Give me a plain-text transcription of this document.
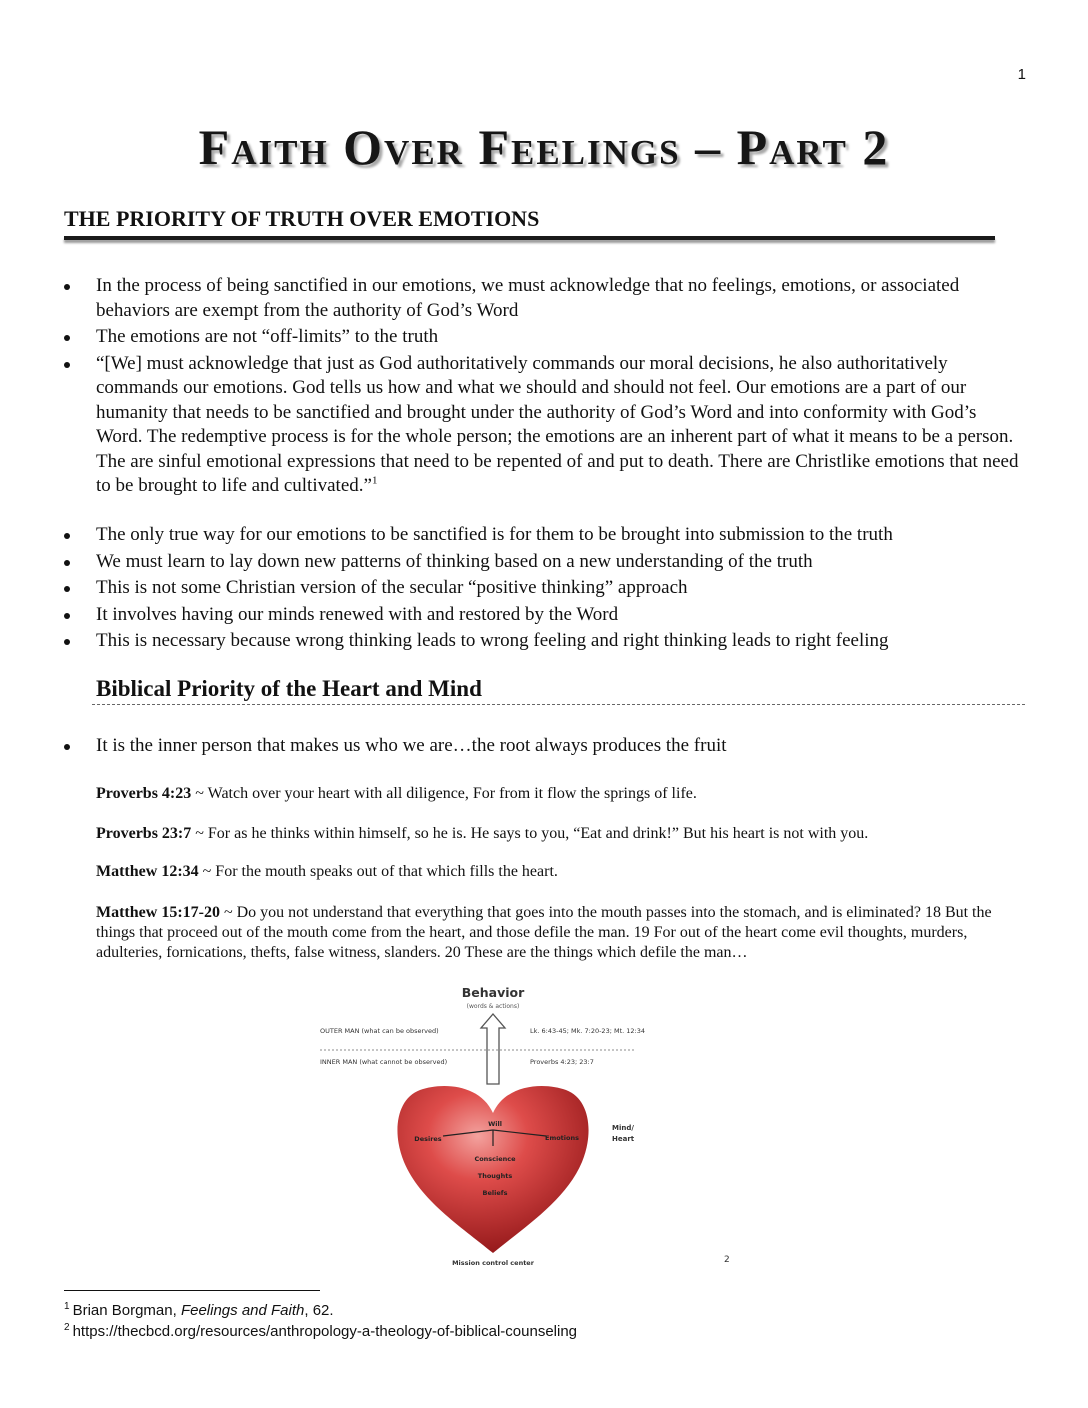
1
Faith Over Feelings – Part 2
THE PRIORITY OF TRUTH OVER EMOTIONS
In the process of being sanctified in our emotions, we must acknowledge that no feelings, emotions, or associated behaviors are exempt from the authority of God’s Word
The emotions are not “off-limits” to the truth
“[We] must acknowledge that just as God authoritatively commands our moral decisions, he also authoritatively commands our emotions. God tells us how and what we should and should not feel. Our emotions are a part of our humanity that needs to be sanctified and brought under the authority of God’s Word and into conformity with God’s Word. The redemptive process is for the whole person; the emotions are an inherent part of what it means to be a person. The are sinful emotional expressions that need to be repented of and put to death. There are Christlike emotions that need to be brought to life and cultivated.”$^1$
The only true way for our emotions to be sanctified is for them to be brought into submission to the truth
We must learn to lay down new patterns of thinking based on a new understanding of the truth
This is not some Christian version of the secular “positive thinking” approach
It involves having our minds renewed with and restored by the Word
This is necessary because wrong thinking leads to wrong feeling and right thinking leads to right feeling
Biblical Priority of the Heart and Mind
It is the inner person that makes us who we are…the root always produces the fruit

Proverbs 4:23 ~ Watch over your heart with all diligence, For from it flow the springs of life.

Proverbs 23:7 ~ For as he thinks within himself, so he is. He says to you, “Eat and drink!” But his heart is not with you.

Matthew 12:34 ~ For the mouth speaks out of that which fills the heart.

Matthew 15:17-20 ~ Do you not understand that everything that goes into the mouth passes into the stomach, and is eliminated? 18 But the things that proceed out of the mouth come from the heart, and those defile the man. 19 For out of the heart come evil thoughts, murders, adulteries, fornications, thefts, false witness, slanders. 20 These are the things which defile the man…

Behavior
(words & actions)
OUTER MAN (what can be observed)	Lk. 6:43-45; Mk. 7:20-23; Mt. 12:34
INNER MAN (what cannot be observed)	Proverbs 4:23; 23:7
Will
Desires	Emotions
Conscience
Thoughts
Beliefs
Mind/
Heart
Mission control center	2
$^1$ Brian Borgman, Feelings and Faith, 62.
$^2$ https://thecbcd.org/resources/anthropology-a-theology-of-biblical-counseling
